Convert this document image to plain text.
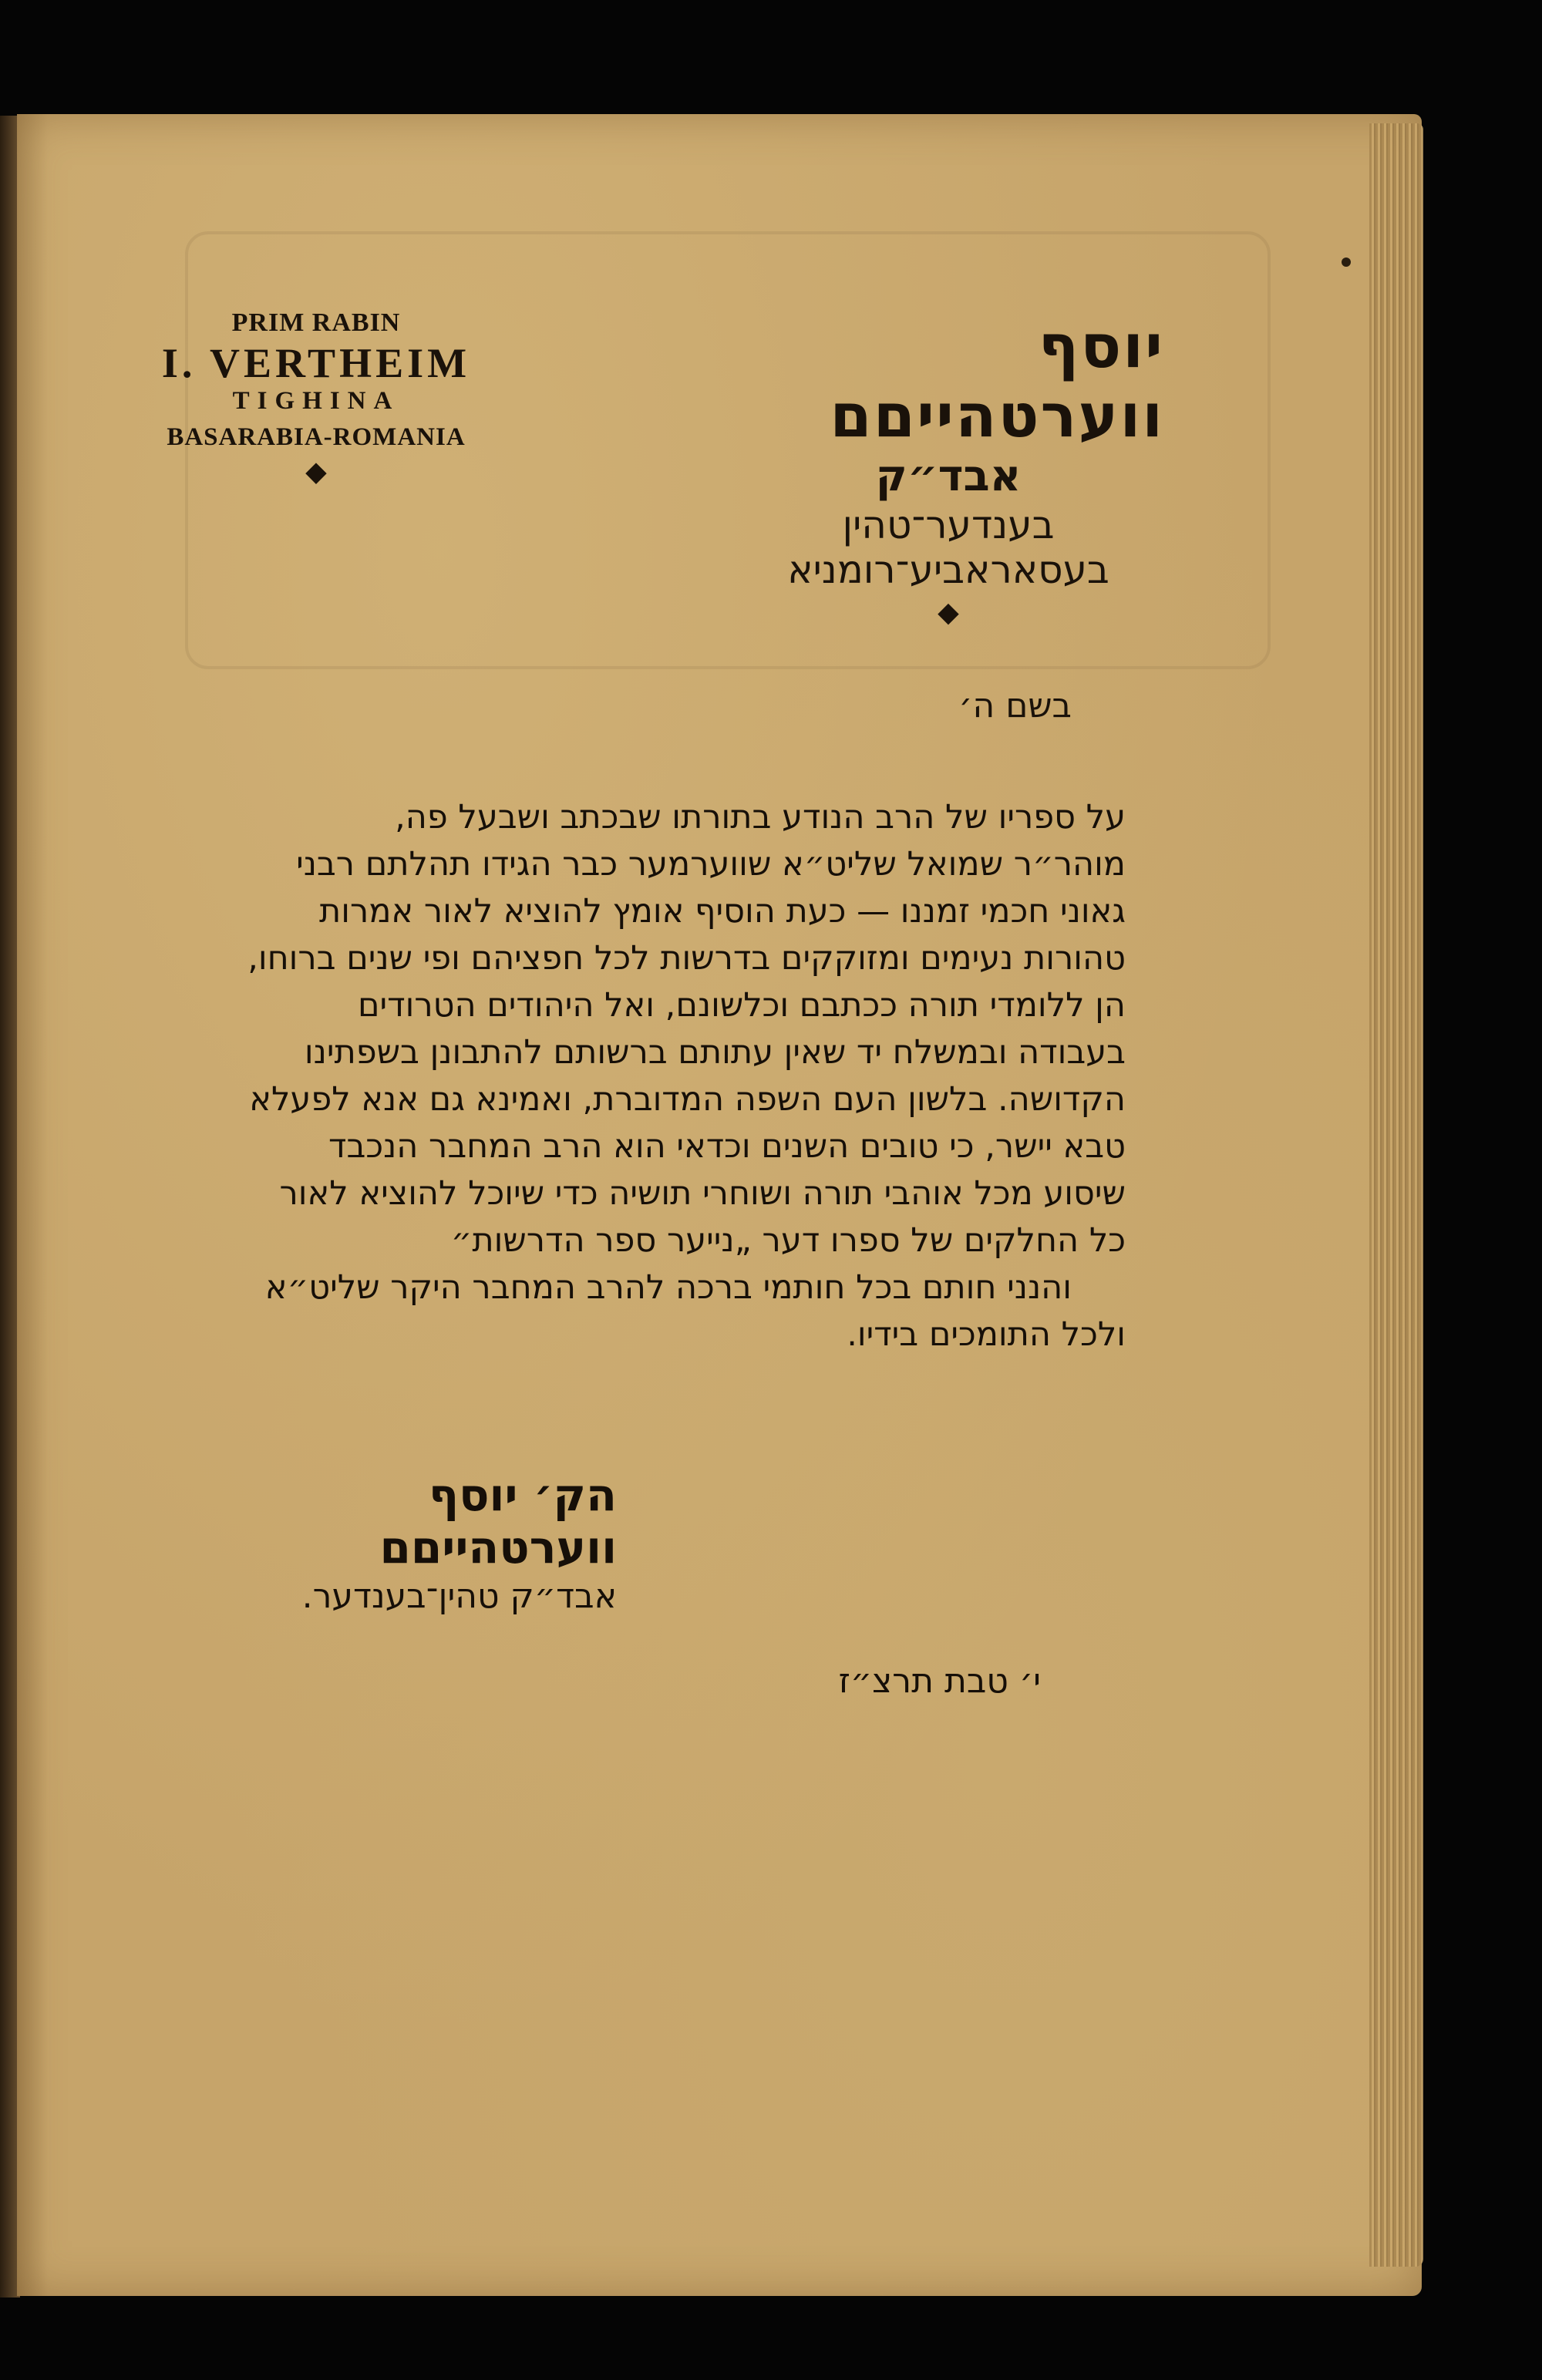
PRIM RABIN
I. VERTHEIM
TIGHINA
BASARABIA-ROMANIA
◆
יוסף ווערטהייםם
אבד״ק
בענדער־טהין
בעסאראביע־רומניא
◆
בשם ה׳

על ספריו של הרב הנודע בתורתו שבכתב ושבעל פה,

מוהר״ר שמואל שליט״א שווערמער כבר הגידו תהלתם רבני

גאוני חכמי זמננו — כעת הוסיף אומץ להוציא לאור אמרות

טהורות נעימים ומזוקקים בדרשות לכל חפציהם ופי שנים ברוחו,

הן ללומדי תורה ככתבם וכלשונם, ואל היהודים הטרודים

בעבודה ובמשלח יד שאין עתותם ברשותם להתבונן בשפתינו

הקדושה. בלשון העם השפה המדוברת, ואמינא גם אנא לפעלא

טבא יישר, כי טובים השנים וכדאי הוא הרב המחבר הנכבד

שיסוע מכל אוהבי תורה ושוחרי תושיה כדי שיוכל להוציא לאור

כל החלקים של ספרו דער „נייער ספר הדרשות״

והנני חותם בכל חותמי ברכה להרב המחבר היקר שליט״א

ולכל התומכים בידיו.

הק׳ יוסף ווערטהייםם
אבד״ק טהין־בענדער.
י׳ טבת תרצ״ז
